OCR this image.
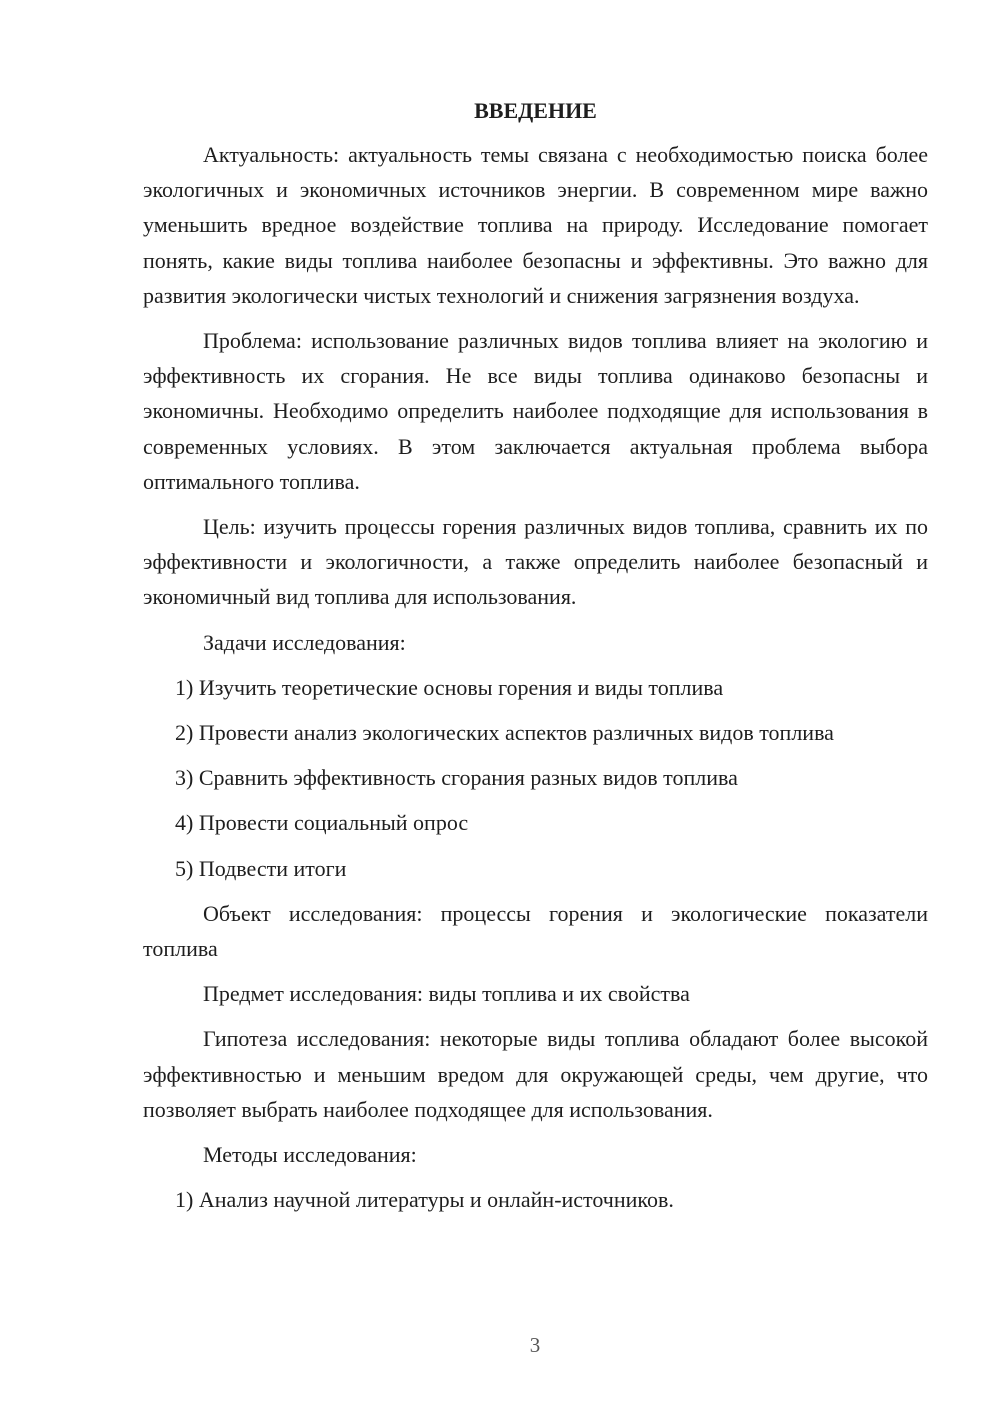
ВВЕДЕНИЕ

Актуальность: актуальность темы связана с необходимостью поиска более экологичных и экономичных источников энергии. В современном мире важно уменьшить вредное воздействие топлива на природу. Исследование помогает понять, какие виды топлива наиболее безопасны и эффективны. Это важно для развития экологически чистых технологий и снижения загрязнения воздуха.

Проблема: использование различных видов топлива влияет на экологию и эффективность их сгорания. Не все виды топлива одинаково безопасны и экономичны. Необходимо определить наиболее подходящие для использования в современных условиях. В этом заключается актуальная проблема выбора оптимального топлива.

Цель: изучить процессы горения различных видов топлива, сравнить их по эффективности и экологичности, а также определить наиболее безопасный и экономичный вид топлива для использования.

Задачи исследования:

1) Изучить теоретические основы горения и виды топлива
2) Провести анализ экологических аспектов различных видов топлива
3) Сравнить эффективность сгорания разных видов топлива
4) Провести социальный опрос
5) Подвести итоги

Объект исследования: процессы горения и экологические показатели топлива

Предмет исследования: виды топлива и их свойства

Гипотеза исследования: некоторые виды топлива обладают более высокой эффективностью и меньшим вредом для окружающей среды, чем другие, что позволяет выбрать наиболее подходящее для использования.

Методы исследования:

1) Анализ научной литературы и онлайн-источников.
3
